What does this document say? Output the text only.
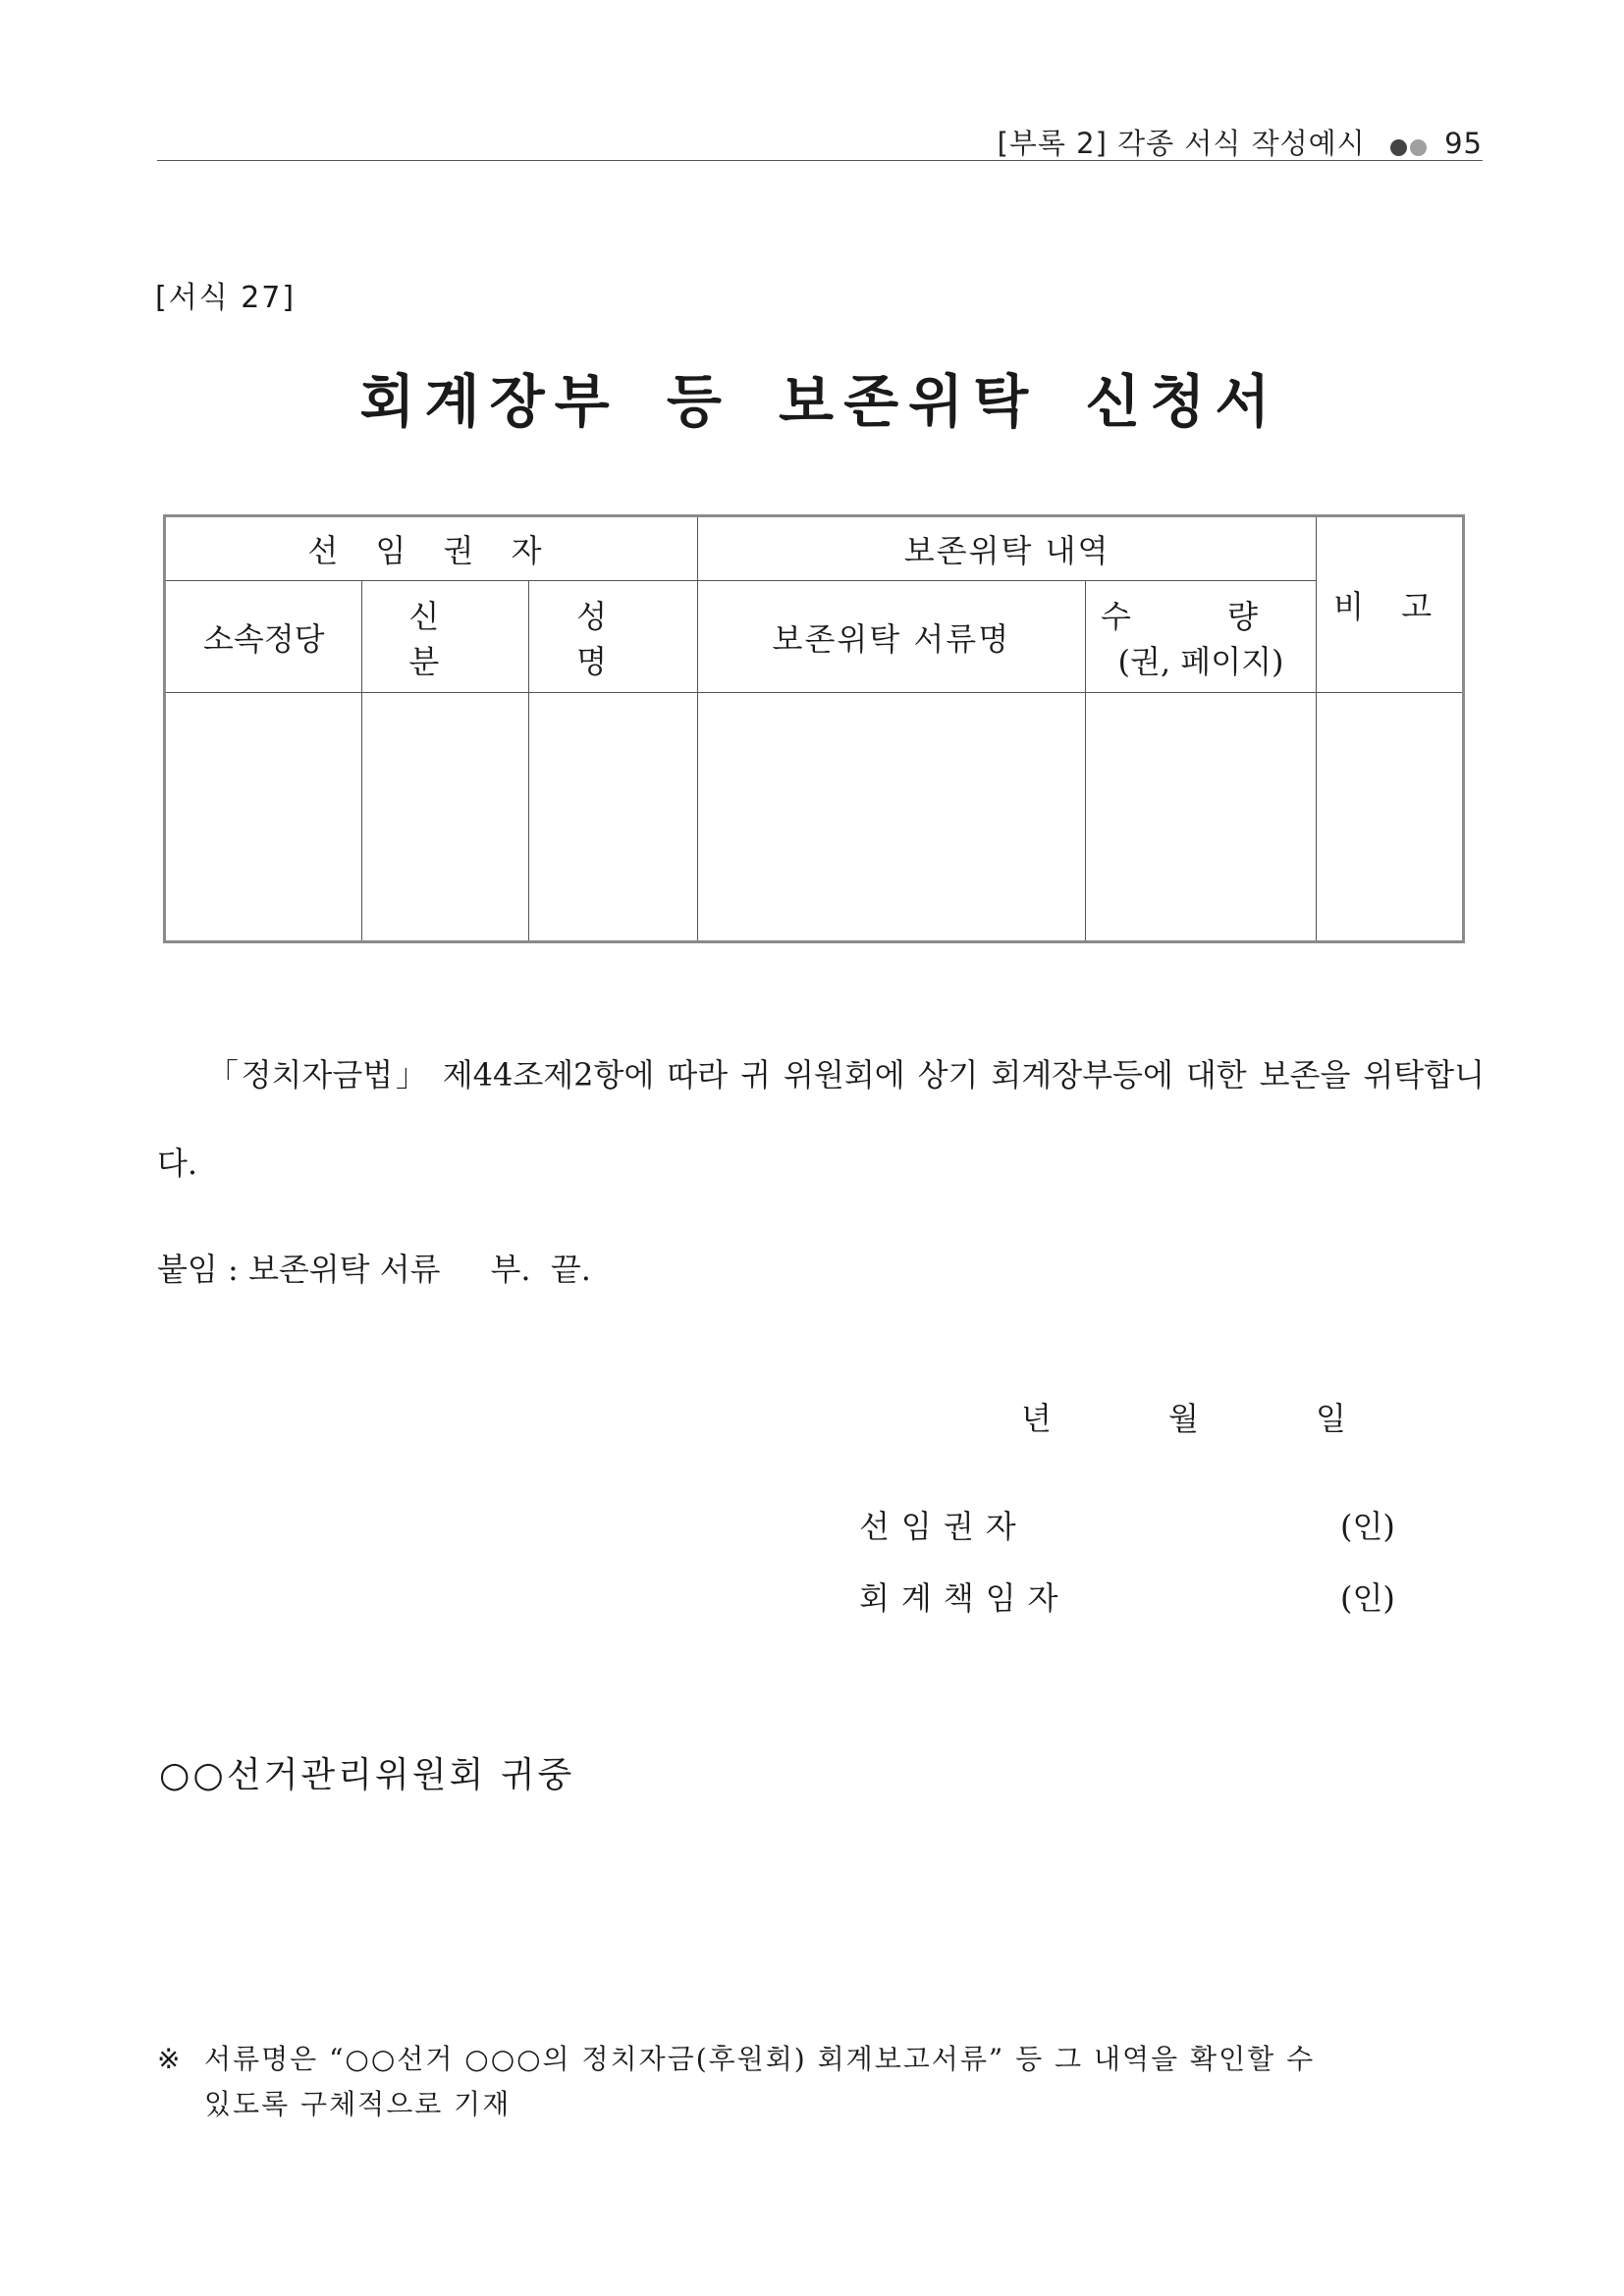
[부록 2] 각종 서식 작성예시	95
[서식 27]
회계장부 등 보존위탁 신청서
선 임 권 자			보존위탁 내역		비 고
소속정당	신 분	성 명	보존위탁 서류명	수 량
(권, 페이지)	

「정치자금법」 제44조제2항에 따라 귀 위원회에 상기 회계장부등에 대한 보존을 위탁합니다.
붙임 : 보존위탁 서류     부.  끝.
년	월	일
선임권자	(인)
회계책임자	(인)
○○선거관리위원회 귀중
※ 서류명은 “○○선거 ○○○의 정치자금(후원회) 회계보고서류” 등 그 내역을 확인할 수
있도록 구체적으로 기재
